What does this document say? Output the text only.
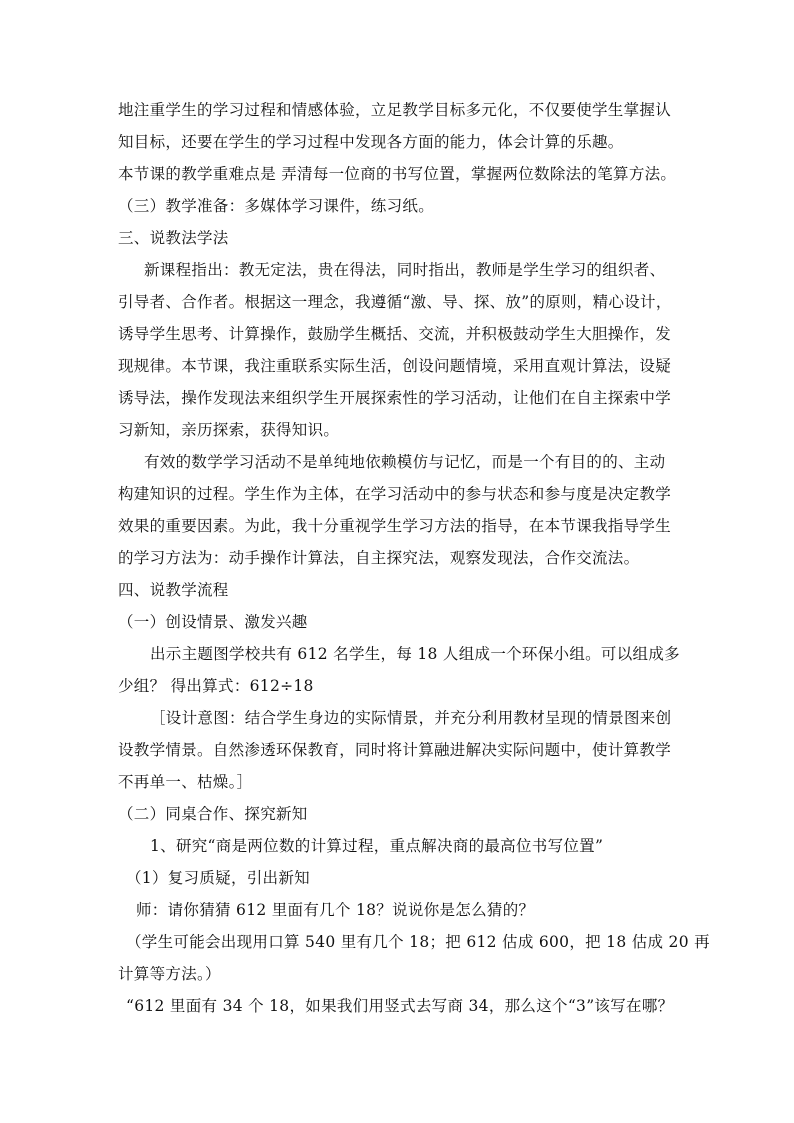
地注重学生的学习过程和情感体验，立足教学目标多元化，不仅要使学生掌握认
知目标，还要在学生的学习过程中发现各方面的能力，体会计算的乐趣。
本节课的教学重难点是 弄清每一位商的书写位置，掌握两位数除法的笔算方法。
（三）教学准备：多媒体学习课件，练习纸。
三、说教法学法
新课程指出：教无定法，贵在得法，同时指出，教师是学生学习的组织者、
引导者、合作者。根据这一理念，我遵循“激、导、探、放”的原则，精心设计，
诱导学生思考、计算操作，鼓励学生概括、交流，并积极鼓动学生大胆操作，发
现规律。本节课，我注重联系实际生活，创设问题情境，采用直观计算法，设疑
诱导法，操作发现法来组织学生开展探索性的学习活动，让他们在自主探索中学
习新知，亲历探索，获得知识。
有效的数学学习活动不是单纯地依赖模仿与记忆，而是一个有目的的、主动
构建知识的过程。学生作为主体，在学习活动中的参与状态和参与度是决定教学
效果的重要因素。为此，我十分重视学生学习方法的指导，在本节课我指导学生
的学习方法为：动手操作计算法，自主探究法，观察发现法，合作交流法。
四、说教学流程
（一）创设情景、激发兴趣
出示主题图学校共有 612 名学生，每 18 人组成一个环保小组。可以组成多
少组？ 得出算式：612÷18
［设计意图：结合学生身边的实际情景，并充分利用教材呈现的情景图来创
设教学情景。自然渗透环保教育，同时将计算融进解决实际问题中，使计算教学
不再单一、枯燥。］
（二）同桌合作、探究新知
1、研究“商是两位数的计算过程，重点解决商的最高位书写位置”
（1）复习质疑，引出新知
师：请你猜猜 612 里面有几个 18？说说你是怎么猜的？
（学生可能会出现用口算 540 里有几个 18；把 612 估成 600，把 18 估成 20 再
计算等方法。）
“612 里面有 34 个 18，如果我们用竖式去写商 34，那么这个“3”该写在哪？
